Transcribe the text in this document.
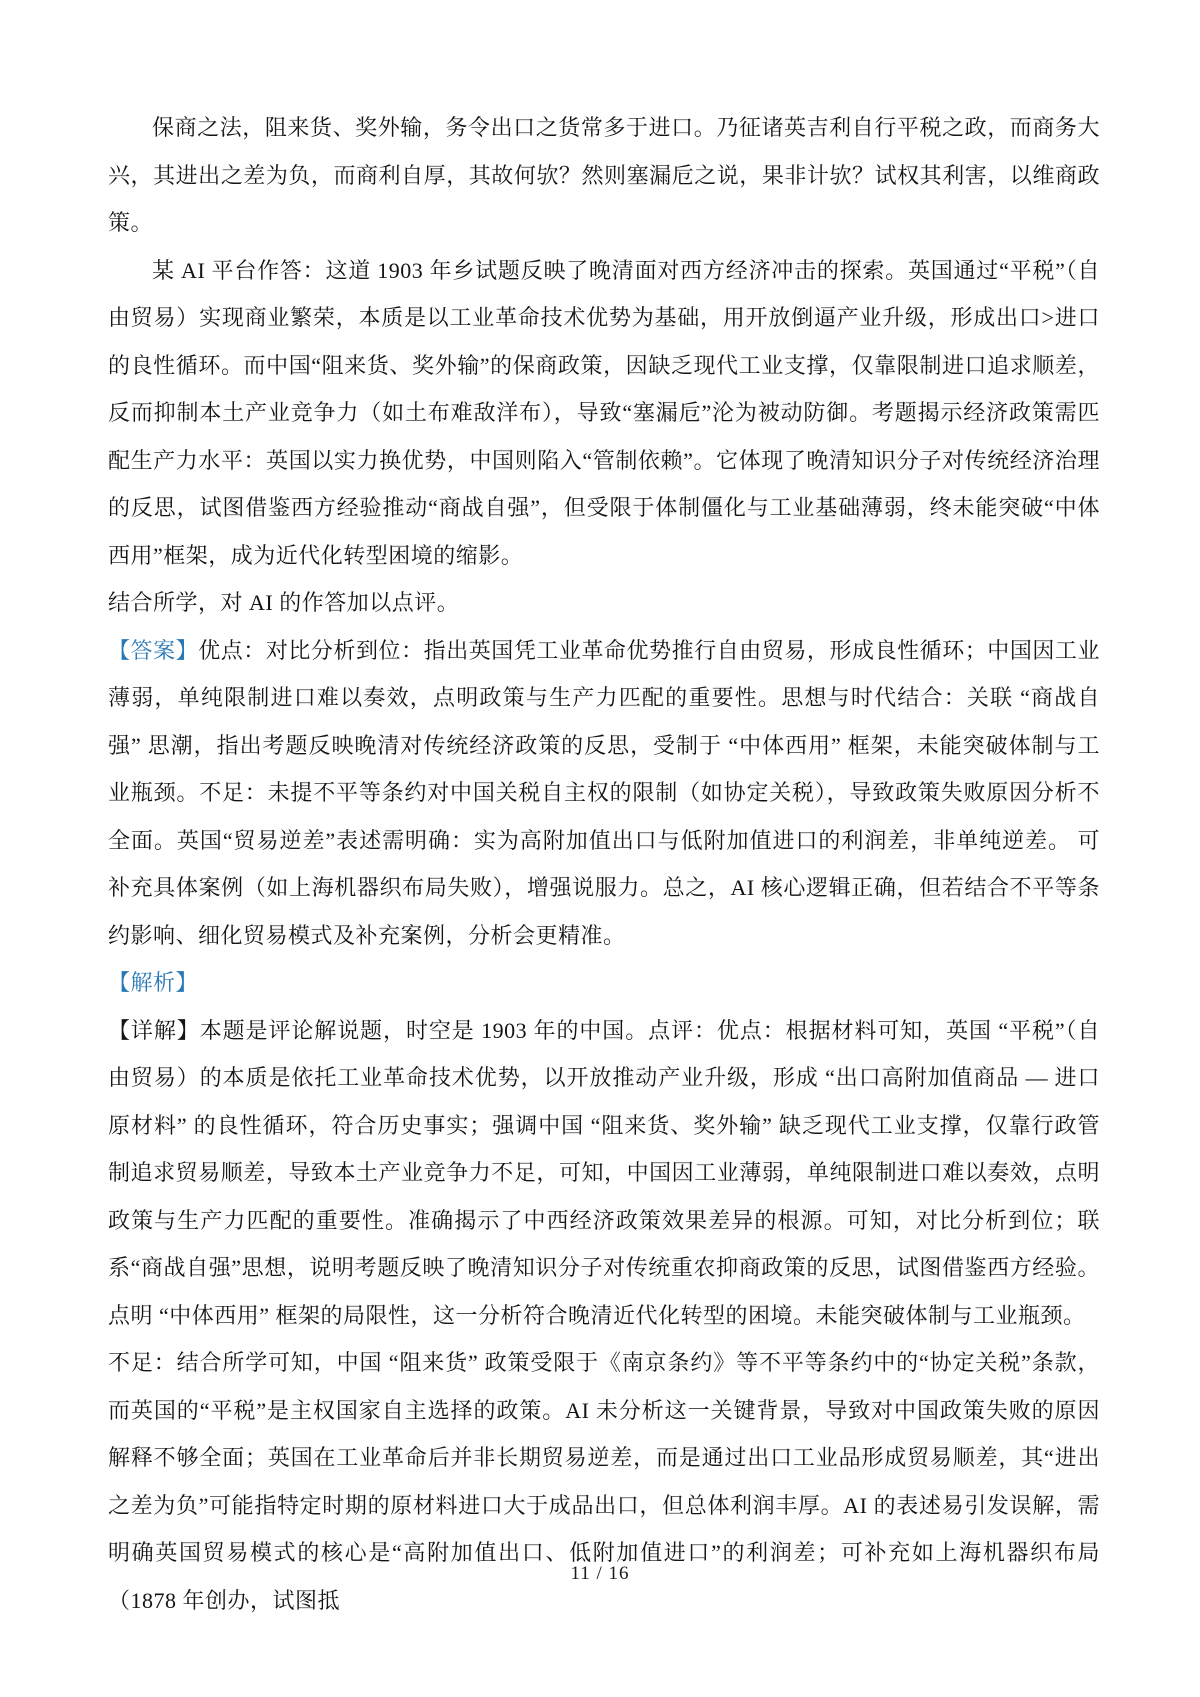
保商之法，阻来货、奖外输，务令出口之货常多于进口。乃征诸英吉利自行平税之政，而商务大兴，其进出之差为负，而商利自厚，其故何欤？然则塞漏卮之说，果非计欤？试权其利害，以维商政策。

某 AI 平台作答：这道 1903 年乡试题反映了晚清面对西方经济冲击的探索。英国通过“平税”（自由贸易）实现商业繁荣，本质是以工业革命技术优势为基础，用开放倒逼产业升级，形成出口>进口的良性循环。而中国“阻来货、奖外输”的保商政策，因缺乏现代工业支撑，仅靠限制进口追求顺差，反而抑制本土产业竞争力（如土布难敌洋布），导致“塞漏卮”沦为被动防御。考题揭示经济政策需匹配生产力水平：英国以实力换优势，中国则陷入“管制依赖”。它体现了晚清知识分子对传统经济治理的反思，试图借鉴西方经验推动“商战自强”，但受限于体制僵化与工业基础薄弱，终未能突破“中体西用”框架，成为近代化转型困境的缩影。

结合所学，对 AI 的作答加以点评。

【答案】优点：对比分析到位：指出英国凭工业革命优势推行自由贸易，形成良性循环；中国因工业薄弱，单纯限制进口难以奏效，点明政策与生产力匹配的重要性。思想与时代结合：关联 “商战自强” 思潮，指出考题反映晚清对传统经济政策的反思，受制于 “中体西用” 框架，未能突破体制与工业瓶颈。不足：未提不平等条约对中国关税自主权的限制（如协定关税），导致政策失败原因分析不全面。英国“贸易逆差”表述需明确：实为高附加值出口与低附加值进口的利润差，非单纯逆差。 可补充具体案例（如上海机器织布局失败），增强说服力。总之，AI 核心逻辑正确，但若结合不平等条约影响、细化贸易模式及补充案例，分析会更精准。

【解析】

【详解】本题是评论解说题，时空是 1903 年的中国。点评：优点：根据材料可知，英国 “平税”（自由贸易）的本质是依托工业革命技术优势，以开放推动产业升级，形成 “出口高附加值商品 — 进口原材料” 的良性循环，符合历史事实；强调中国 “阻来货、奖外输” 缺乏现代工业支撑，仅靠行政管制追求贸易顺差，导致本土产业竞争力不足，可知，中国因工业薄弱，单纯限制进口难以奏效，点明政策与生产力匹配的重要性。准确揭示了中西经济政策效果差异的根源。可知，对比分析到位；联系“商战自强”思想，说明考题反映了晚清知识分子对传统重农抑商政策的反思，试图借鉴西方经验。点明 “中体西用” 框架的局限性，这一分析符合晚清近代化转型的困境。未能突破体制与工业瓶颈。

不足：结合所学可知，中国 “阻来货” 政策受限于《南京条约》等不平等条约中的“协定关税”条款，而英国的“平税”是主权国家自主选择的政策。AI 未分析这一关键背景，导致对中国政策失败的原因解释不够全面；英国在工业革命后并非长期贸易逆差，而是通过出口工业品形成贸易顺差，其“进出之差为负”可能指特定时期的原材料进口大于成品出口，但总体利润丰厚。AI 的表述易引发误解，需明确英国贸易模式的核心是“高附加值出口、低附加值进口”的利润差；可补充如上海机器织布局（1878 年创办，试图抵

11 / 16
